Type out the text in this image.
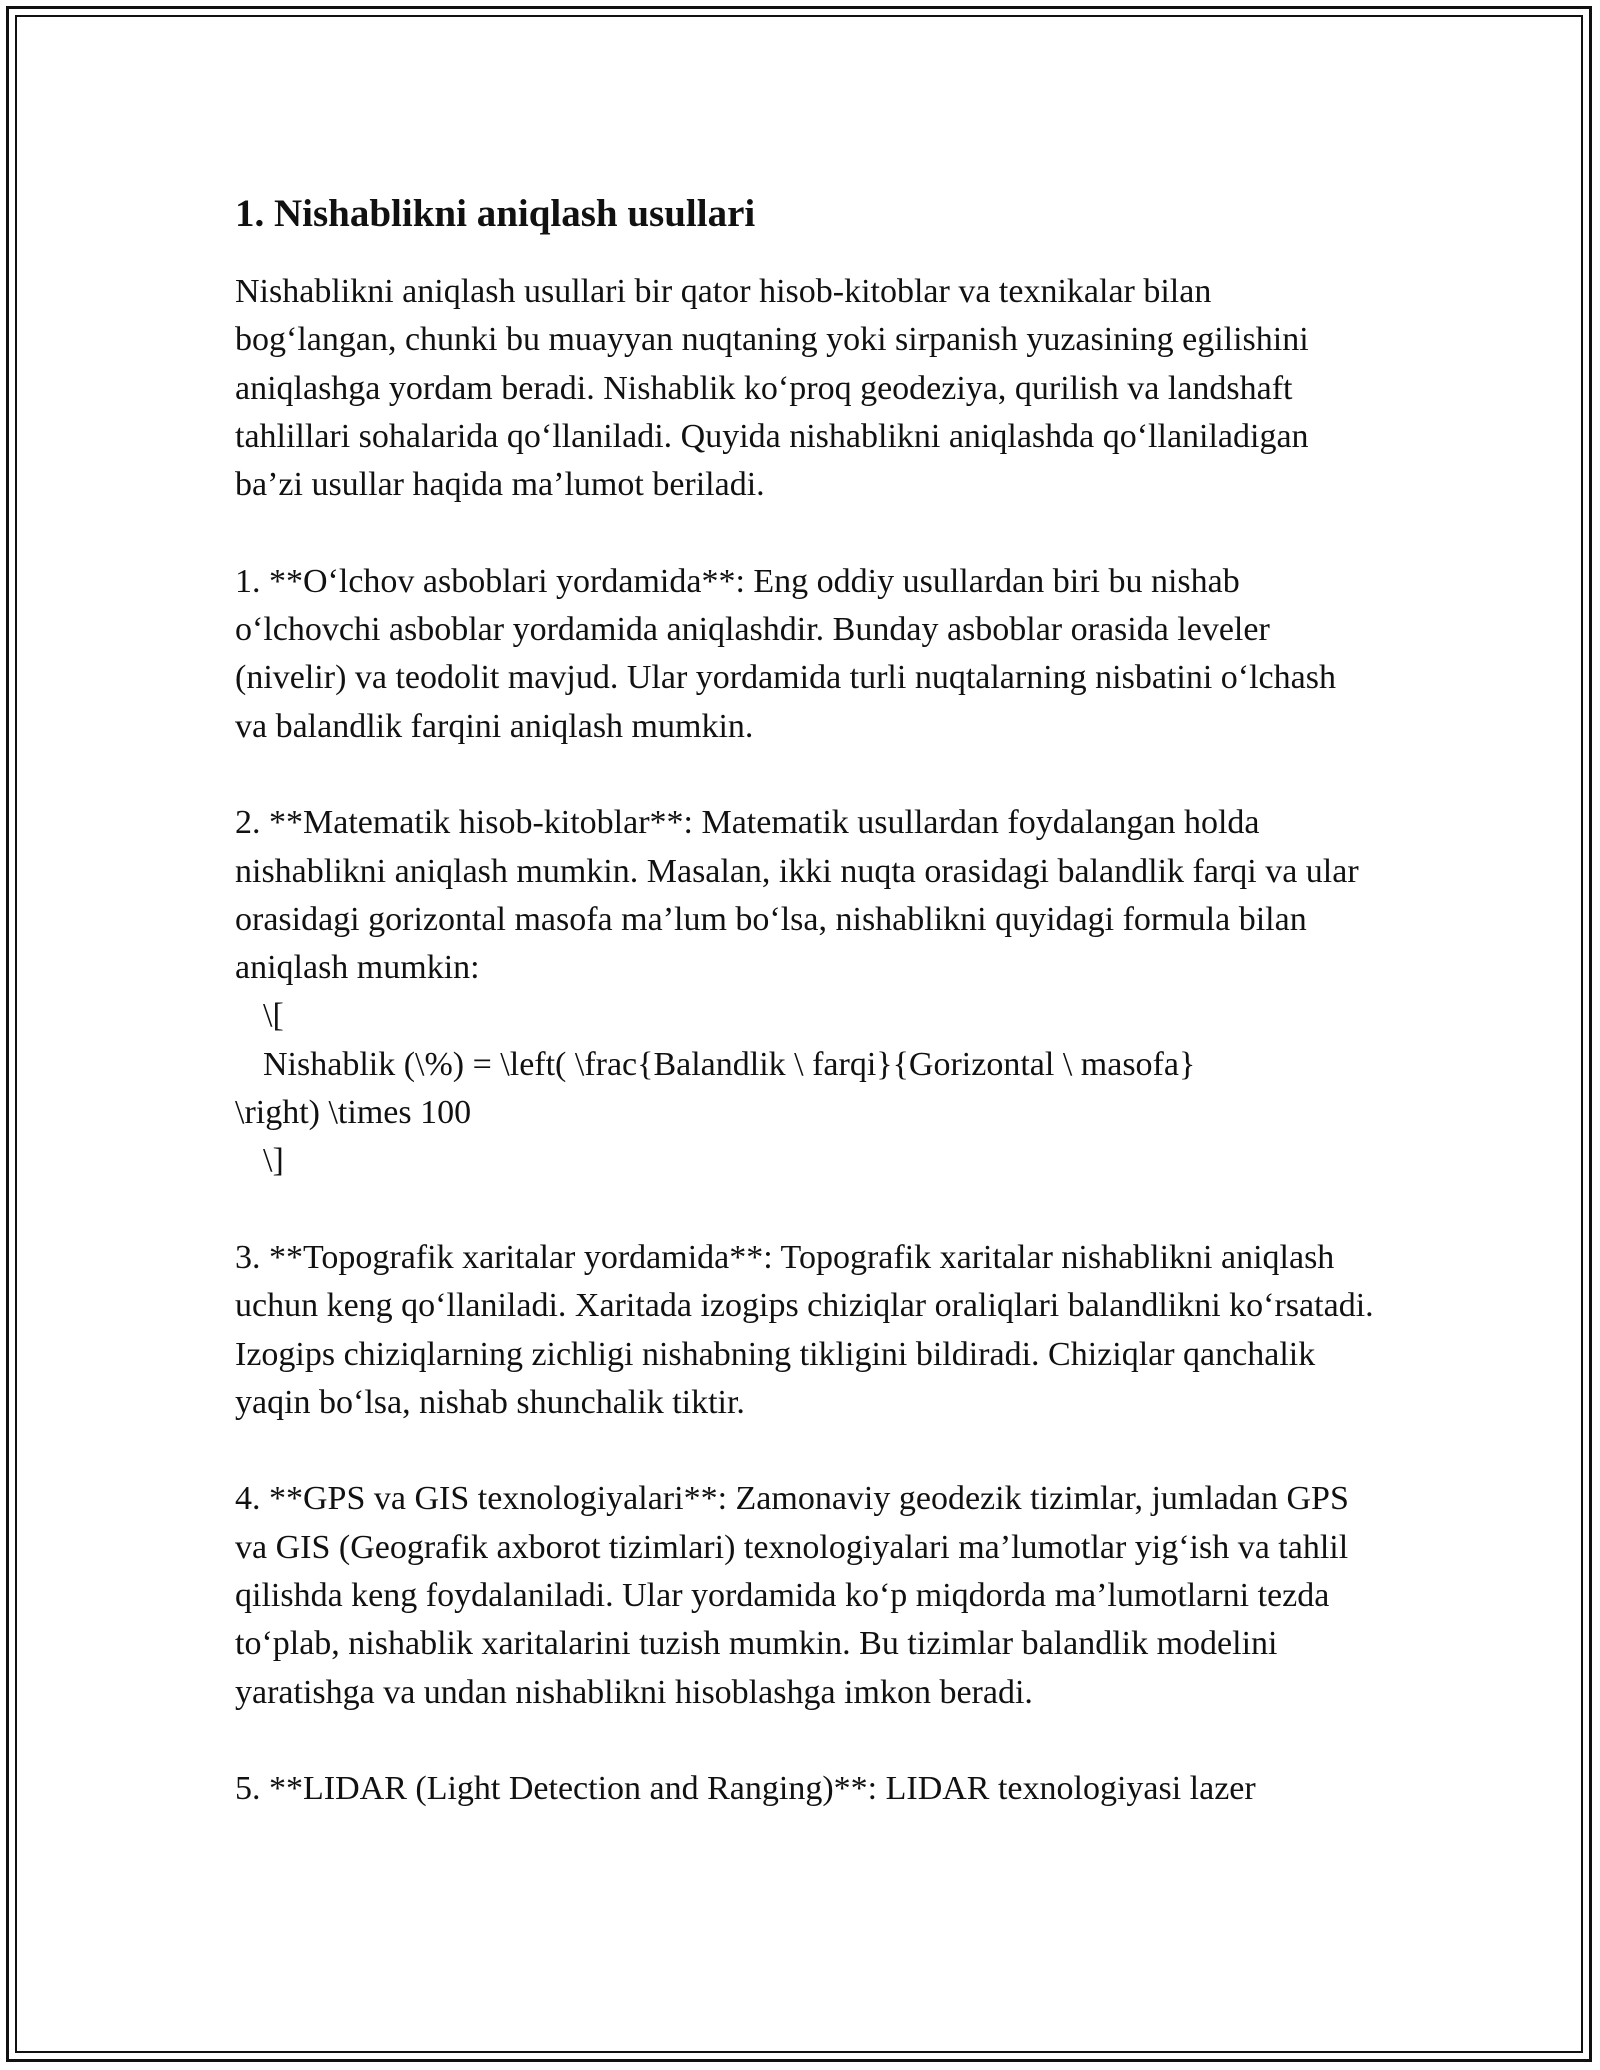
1. Nishablikni aniqlash usullari

Nishablikni aniqlash usullari bir qator hisob-kitoblar va texnikalar bilan bog‘langan, chunki bu muayyan nuqtaning yoki sirpanish yuzasining egilishini aniqlashga yordam beradi. Nishablik ko‘proq geodeziya, qurilish va landshaft tahlillari sohalarida qo‘llaniladi. Quyida nishablikni aniqlashda qo‘llaniladigan ba’zi usullar haqida ma’lumot beriladi.

1. **O‘lchov asboblari yordamida**: Eng oddiy usullardan biri bu nishab o‘lchovchi asboblar yordamida aniqlashdir. Bunday asboblar orasida leveler (nivelir) va teodolit mavjud. Ular yordamida turli nuqtalarning nisbatini o‘lchash va balandlik farqini aniqlash mumkin.

2. **Matematik hisob-kitoblar**: Matematik usullardan foydalangan holda nishablikni aniqlash mumkin. Masalan, ikki nuqta orasidagi balandlik farqi va ular orasidagi gorizontal masofa ma’lum bo‘lsa, nishablikni quyidagi formula bilan aniqlash mumkin:

\[

Nishablik (\%) = \left( \frac{Balandlik \ farqi}{Gorizontal \ masofa}

\right) \times 100

\]

3. **Topografik xaritalar yordamida**: Topografik xaritalar nishablikni aniqlash uchun keng qo‘llaniladi. Xaritada izogips chiziqlar oraliqlari balandlikni ko‘rsatadi. Izogips chiziqlarning zichligi nishabning tikligini bildiradi. Chiziqlar qanchalik yaqin bo‘lsa, nishab shunchalik tiktir.

4. **GPS va GIS texnologiyalari**: Zamonaviy geodezik tizimlar, jumladan GPS va GIS (Geografik axborot tizimlari) texnologiyalari ma’lumotlar yig‘ish va tahlil qilishda keng foydalaniladi. Ular yordamida ko‘p miqdorda ma’lumotlarni tezda to‘plab, nishablik xaritalarini tuzish mumkin. Bu tizimlar balandlik modelini yaratishga va undan nishablikni hisoblashga imkon beradi.

5. **LIDAR (Light Detection and Ranging)**: LIDAR texnologiyasi lazer
